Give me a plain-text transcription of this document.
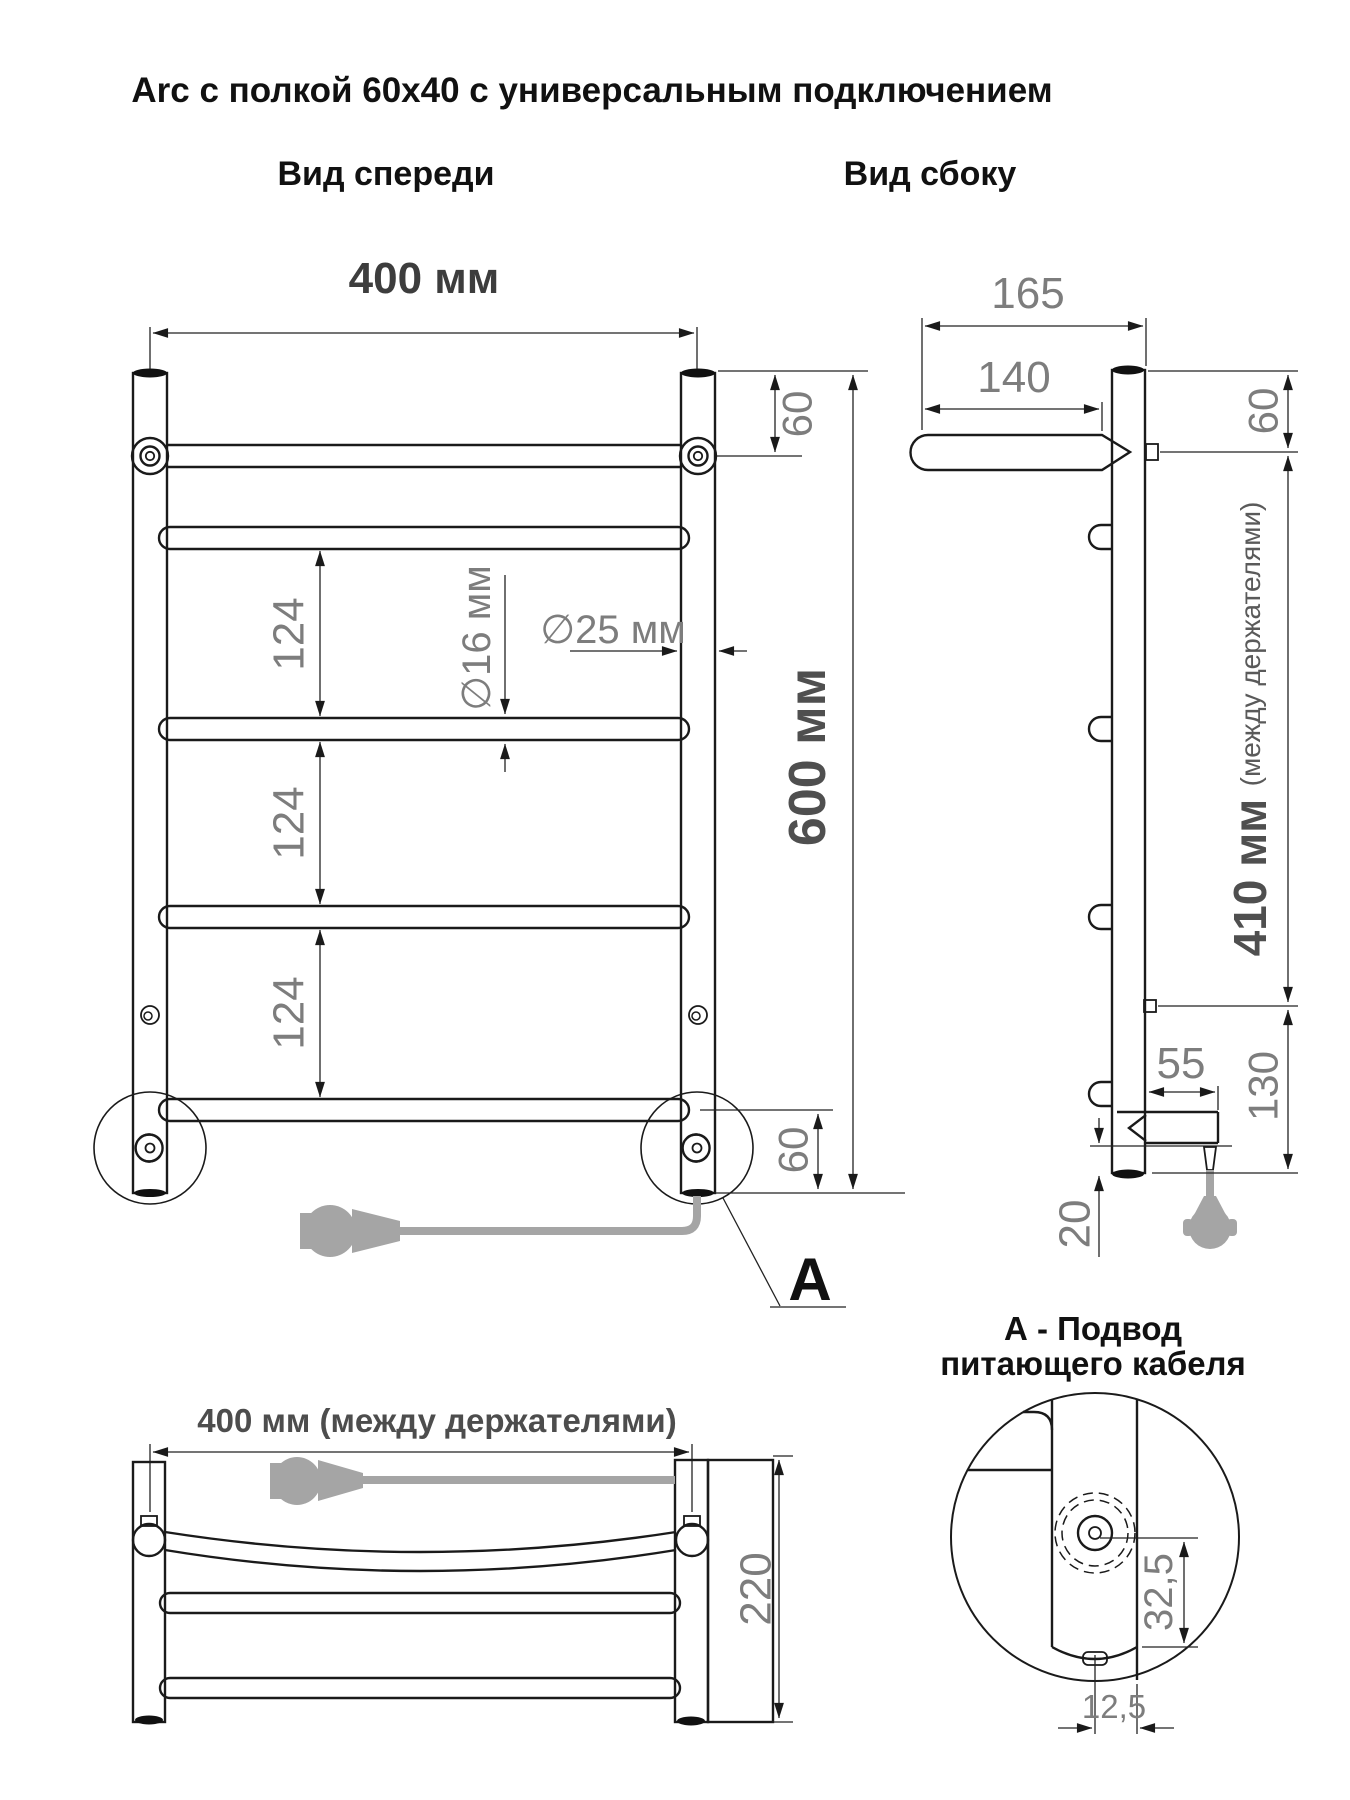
Arc с полкой 60x40 с универсальным подключением
Вид спереди	Вид сбоку
400 мм
124
124
124
∅16 мм ∅25 мм
60
600 мм
60
A
165
140
60
410 мм (между держателями)
130
55
20
А - Подвод
питающего кабеля
400 мм (между держателями)
220	32,5
12,5
